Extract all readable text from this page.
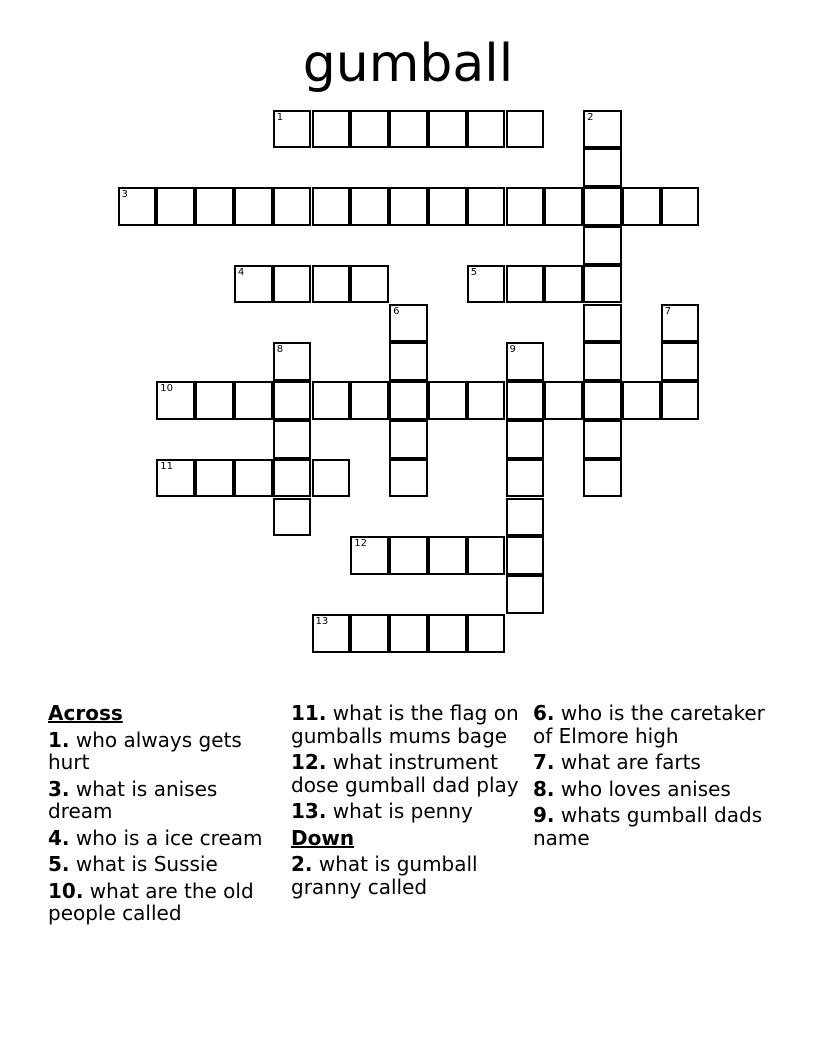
gumball
1	2
3
4	5
6	7
8	9
10
11
12
13
Across
1. who always gets hurt
3. what is anises dream
4. who is a ice cream
5. what is Sussie
10. what are the old people called
11. what is the flag on gumballs mums bage
12. what instrument dose gumball dad play
13. what is penny
Down
2. what is gumball granny called
6. who is the caretaker of Elmore high
7. what are farts
8. who loves anises
9. whats gumball dads name
